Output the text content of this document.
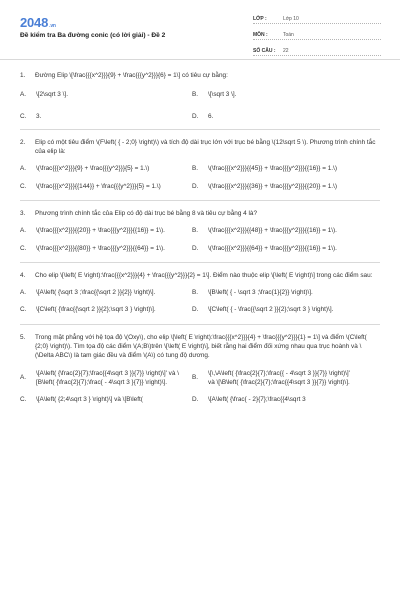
2048.vn
Đề kiểm tra Ba đường conic (có lời giải) - Đề 2
LỚP :	Lớp 10
MÔN :	Toán
SỐ CÂU :	22
1.	Đường Elip \[\frac{{{x^2}}}{9} + \frac{{{y^2}}}{6} = 1\] có tiêu cự bằng:
A.	\[2\sqrt 3 \].	B.	\[\sqrt 3 \].
C.	3.	D.	6.
2.	Elip có một tiêu điểm \(F\left( { - 2;0} \right)\) và tích độ dài trục lớn với trục bé bằng \(12\sqrt 5 \). Phương trình chính tắc của elip là:
A.	\(\frac{{{x^2}}}{9} + \frac{{{y^2}}}{5} = 1.\)	B.	\(\frac{{{x^2}}}{{45}} + \frac{{{y^2}}}{{16}} = 1.\)
C.	\(\frac{{{x^2}}}{{144}} + \frac{{{y^2}}}{5} = 1.\)	D.	\(\frac{{{x^2}}}{{36}} + \frac{{{y^2}}}{{20}} = 1.\)
3.	Phương trình chính tắc của Elip có độ dài trục bé bằng 8 và tiêu cự bằng 4 là?
A.	\(\frac{{{x^2}}}{{20}} + \frac{{{y^2}}}{{16}} = 1\).	B.	\(\frac{{{x^2}}}{{48}} + \frac{{{y^2}}}{{16}} = 1\).
C.	\(\frac{{{x^2}}}{{80}} + \frac{{{y^2}}}{{64}} = 1\).	D.	\(\frac{{{x^2}}}{{64}} + \frac{{{y^2}}}{{16}} = 1\).
4.	Cho elip \[\left( E \right):\frac{{{x^2}}}{4} + \frac{{{y^2}}}{2} = 1\]. Điểm nào thuộc elip \[\left( E \right)\] trong các điểm sau:
A.	\[A\left( {\sqrt 3 ;\frac{{\sqrt 2 }}{2}} \right)\].	B.	\[B\left( { - \sqrt 3 ;\frac{1}{2}} \right)\].
C.	\[C\left( {\frac{{\sqrt 2 }}{2};\sqrt 3 } \right)\].	D.	\[C\left( { - \frac{{\sqrt 2 }}{2};\sqrt 3 } \right)\].
5.	Trong mặt phẳng với hệ tọa độ \(Oxy\), cho elip \[\left( E \right):\frac{{{x^2}}}{4} + \frac{{{y^2}}}{1} = 1\] và điểm \(C\left( {2;0} \right)\). Tìm tọa độ các điểm \(A;B\)trên \[\left( E \right)\], biết rằng hai điểm đối xứng nhau qua trục hoành và \(\Delta ABC\) là tam giác đều và điểm \(A\) có tung độ dương.
A.
\[A\left( {\frac{2}{7};\frac{{4\sqrt 3 }}{7}} \right)\]' và \[B\left( {\frac{2}{7};\frac{ - 4\sqrt 3 }{7}} \right)\].
B.
\[\,\A\left( {\frac{2}{7};\frac{{ - 4\sqrt 3 }}{7}} \right)\]' và \[\B\left( {\frac{2}{7};\frac{{4\sqrt 3 }}{7}} \right)\].
C.	\[A\left( {2;4\sqrt 3 } \right)\] và \[B\left(	D.	\[A\left( {\frac{ - 2}{7};\frac{{4\sqrt 3
